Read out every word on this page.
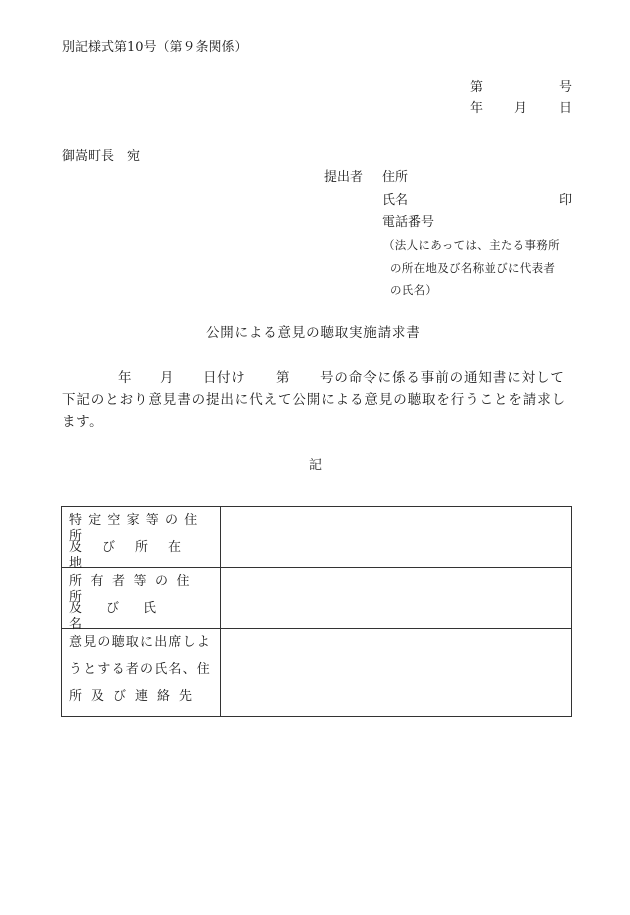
別記様式第10号（第９条関係）
第	号
年 月 日
御嵩町長　宛
提出者 住所
氏名	印
電話番号
（法人にあっては、主たる事務所
の所在地及び名称並びに代表者
の氏名）
公開による意見の聴取実施請求書
年 月 日付け 第 号の命令に係る事前の通知書に対して
下記のとおり意見書の提出に代えて公開による意見の聴取を行うことを請求し
ます。
記
特定空家等の住所
及び所在地	

所有者等の住所
及び氏名	

意見の聴取に出席しよ
うとする者の氏名、住
所及び連絡先	
